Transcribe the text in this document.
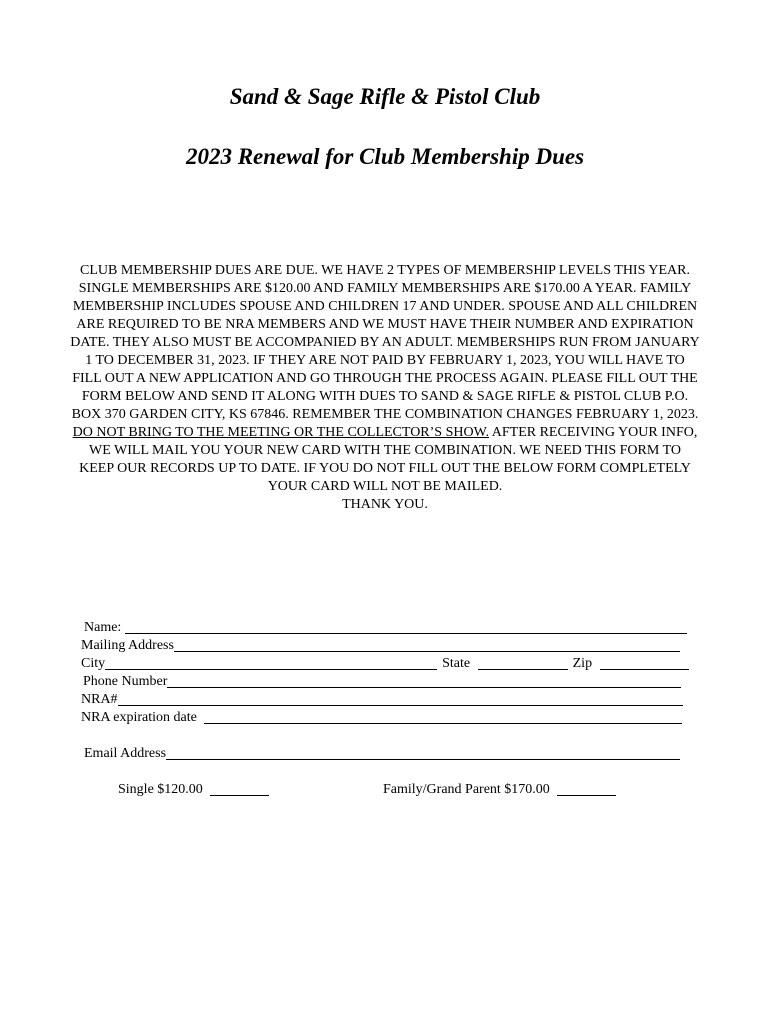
Sand & Sage Rifle & Pistol Club
2023 Renewal for Club Membership Dues

CLUB MEMBERSHIP DUES ARE DUE. WE HAVE 2 TYPES OF MEMBERSHIP LEVELS THIS YEAR. SINGLE MEMBERSHIPS ARE $120.00 AND FAMILY MEMBERSHIPS ARE $170.00 A YEAR. FAMILY MEMBERSHIP INCLUDES SPOUSE AND CHILDREN 17 AND UNDER. SPOUSE AND ALL CHILDREN ARE REQUIRED TO BE NRA MEMBERS AND WE MUST HAVE THEIR NUMBER AND EXPIRATION DATE. THEY ALSO MUST BE ACCOMPANIED BY AN ADULT. MEMBERSHIPS RUN FROM JANUARY 1 TO DECEMBER 31, 2023. IF THEY ARE NOT PAID BY FEBRUARY 1, 2023, YOU WILL HAVE TO FILL OUT A NEW APPLICATION AND GO THROUGH THE PROCESS AGAIN. PLEASE FILL OUT THE FORM BELOW AND SEND IT ALONG WITH DUES TO SAND & SAGE RIFLE & PISTOL CLUB P.O. BOX 370 GARDEN CITY, KS 67846. REMEMBER THE COMBINATION CHANGES FEBRUARY 1, 2023. DO NOT BRING TO THE MEETING OR THE COLLECTOR’S SHOW. AFTER RECEIVING YOUR INFO, WE WILL MAIL YOU YOUR NEW CARD WITH THE COMBINATION. WE NEED THIS FORM TO KEEP OUR RECORDS UP TO DATE. IF YOU DO NOT FILL OUT THE BELOW FORM COMPLETELY YOUR CARD WILL NOT BE MAILED.
THANK YOU.

Name:
Mailing Address
City	State	Zip
Phone Number
NRA#
NRA expiration date
Email Address
Single $120.00	Family/Grand Parent $170.00
